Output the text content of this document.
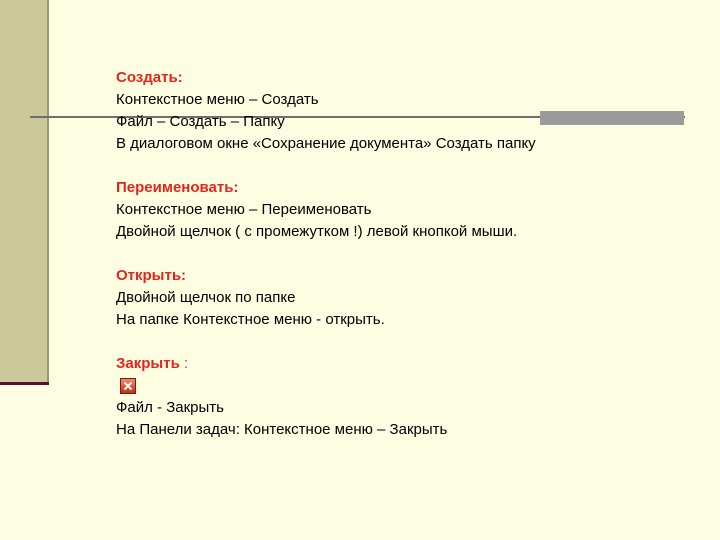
Создать:
Контекстное меню – Создать
Файл – Создать – Папку
В диалоговом окне «Сохранение документа» Создать папку
Переименовать:
Контекстное меню – Переименовать
Двойной щелчок ( с промежутком !) левой кнопкой мыши.
Открыть:
Двойной щелчок по папке
На папке Контекстное меню - открыть.
Закрыть :
Файл - Закрыть
На Панели задач: Контекстное меню – Закрыть
